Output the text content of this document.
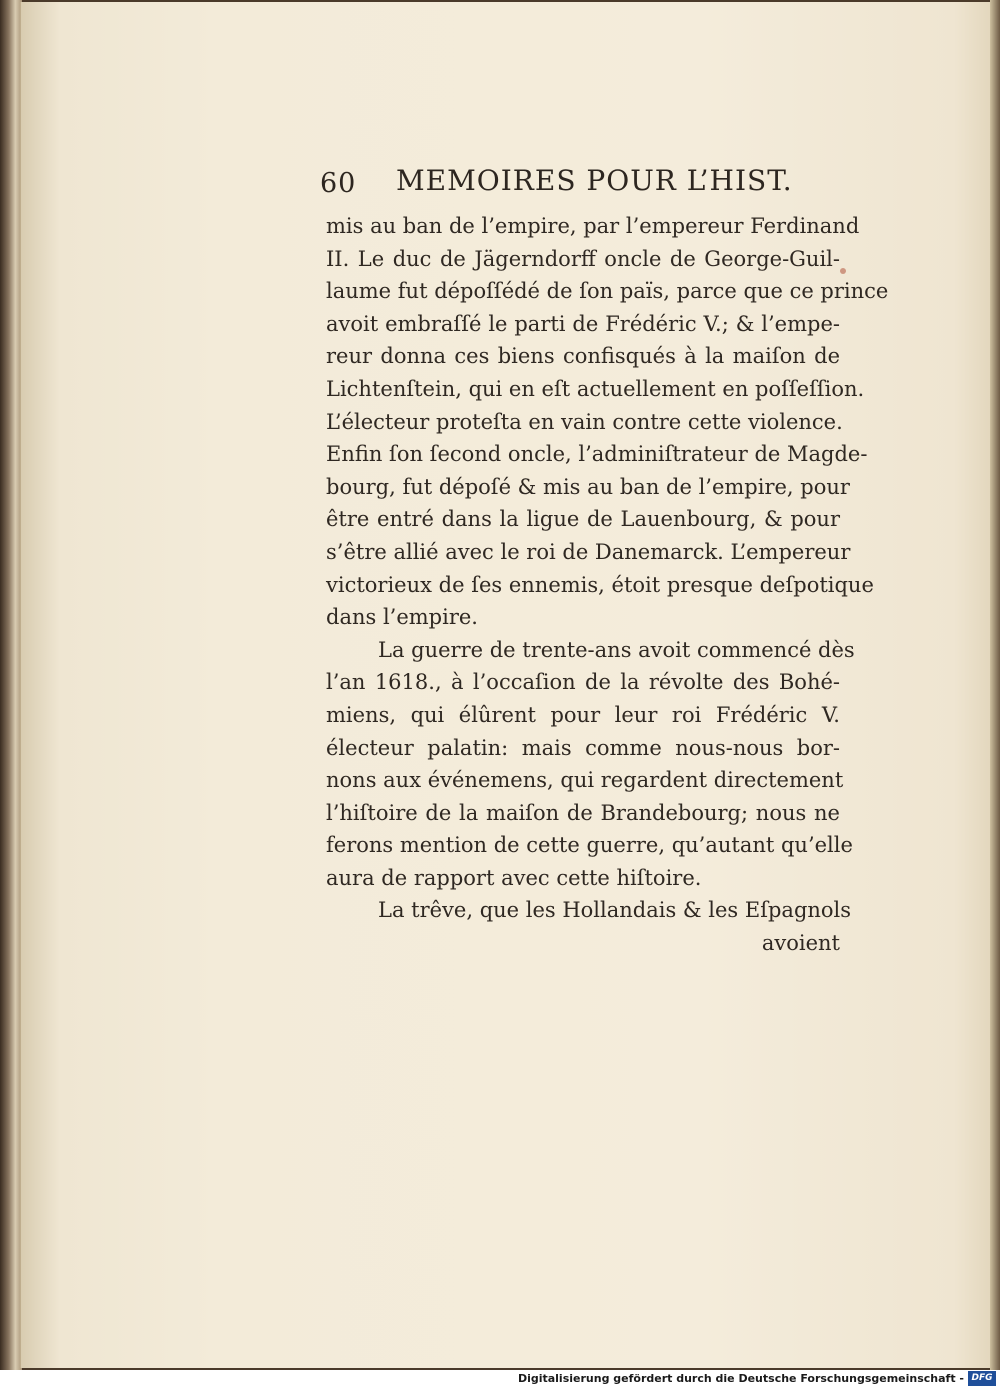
60 MEMOIRES POUR L’HIST.
mis au ban de l’empire, par l’empereur Ferdinand
II. Le duc de Jägerndorff oncle de George-Guil-
laume fut dépoſſédé de ſon païs, parce que ce prince
avoit embraſſé le parti de Frédéric V.; & l’empe-
reur donna ces biens confisqués à la maiſon de
Lichtenſtein, qui en eſt actuellement en poſſeſſion.
L’électeur proteſta en vain contre cette violence.
Enfin ſon ſecond oncle, l’adminiſtrateur de Magde-
bourg, fut dépoſé & mis au ban de l’empire, pour
être entré dans la ligue de Lauenbourg, & pour
s’être allié avec le roi de Danemarck. L’empereur
victorieux de ſes ennemis, étoit presque deſpotique
dans l’empire.
La guerre de trente-ans avoit commencé dès
l’an 1618., à l’occaſion de la révolte des Bohé-
miens, qui élûrent pour leur roi Frédéric V.
électeur palatin: mais comme nous-nous bor-
nons aux événemens, qui regardent directement
l’hiſtoire de la maiſon de Brandebourg; nous ne
ferons mention de cette guerre, qu’autant qu’elle
aura de rapport avec cette hiſtoire.
La trêve, que les Hollandais & les Eſpagnols
avoient
Digitalisierung gefördert durch die Deutsche Forschungsgemeinschaft - DFG
